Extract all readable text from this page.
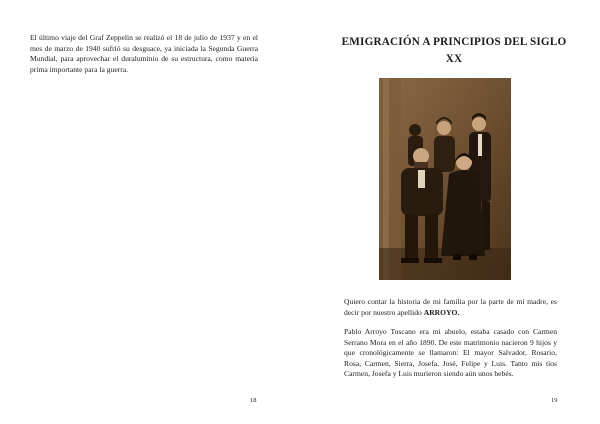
El último viaje del Graf Zeppelin se realizó el 18 de julio de 1937 y en el mes de marzo de 1940 sufrió su desguace, ya iniciada la Segunda Guerra Mundial, para aprovechar el duraluminio de su estructura, como materia prima importante para la guerra.

18

EMIGRACIÓN A PRINCIPIOS DEL SIGLO XX

Quiero contar la historia de mi familia por la parte de mi madre, es decir por nuestro apellido ARROYO.

Pablo Arroyo Toscano era mi abuelo, estaba casado con Carmen Serrano Mora en el año 1890. De este matrimonio nacieron 9 hijos y que cronológicamente se llamaron: El mayor Salvador, Rosario, Rosa, Carmen, Sierra, Josefa, José, Felipe y Luis. Tanto mis tíos Carmen, Josefa y Luis murieron siendo aún unos bebés.

19
